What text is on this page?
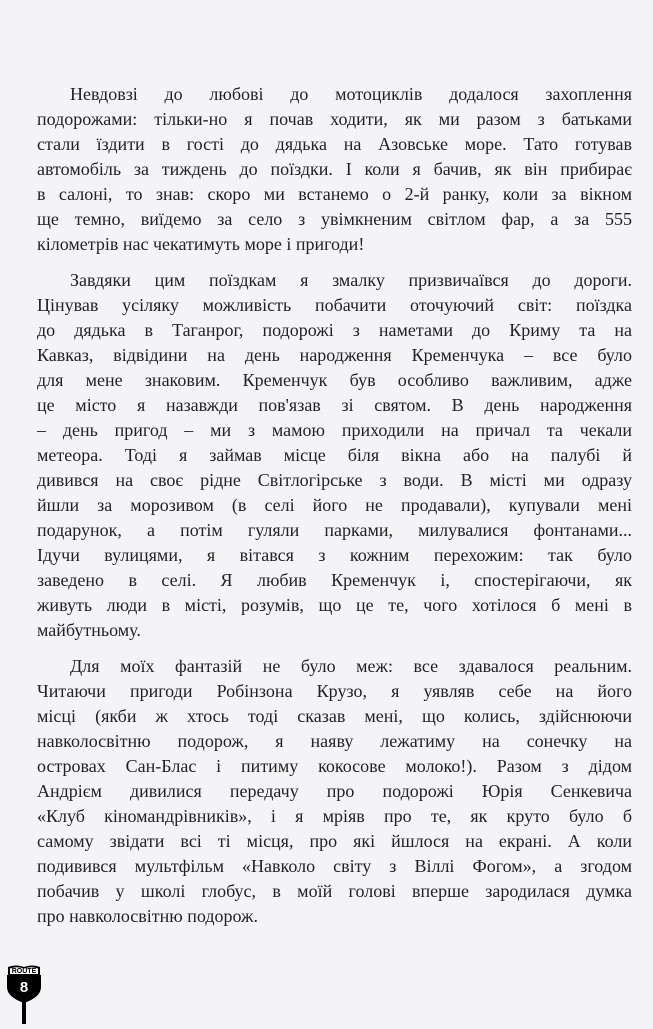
Невдовзі до любові до мотоциклів додалося захоплення
подорожами: тільки-но я почав ходити, як ми разом з батьками
стали їздити в гості до дядька на Азовське море. Тато готував
автомобіль за тиждень до поїздки. І коли я бачив, як він прибирає
в салоні, то знав: скоро ми встанемо о 2-й ранку, коли за вікном
ще темно, виїдемо за село з увімкненим світлом фар, а за 555
кілометрів нас чекатимуть море і пригоди!
Завдяки цим поїздкам я змалку призвичаївся до дороги.
Цінував усіляку можливість побачити оточуючий світ: поїздка
до дядька в Таганрог, подорожі з наметами до Криму та на
Кавказ, відвідини на день народження Кременчука – все було
для мене знаковим. Кременчук був особливо важливим, адже
це місто я назавжди пов'язав зі святом. В день народження
– день пригод – ми з мамою приходили на причал та чекали
метеора. Тоді я займав місце біля вікна або на палубі й
дивився на своє рідне Світлогірське з води. В місті ми одразу
йшли за морозивом (в селі його не продавали), купували мені
подарунок, а потім гуляли парками, милувалися фонтанами...
Ідучи вулицями, я вітався з кожним перехожим: так було
заведено в селі. Я любив Кременчук і, спостерігаючи, як
живуть люди в місті, розумів, що це те, чого хотілося б мені в
майбутньому.
Для моїх фантазій не було меж: все здавалося реальним.
Читаючи пригоди Робінзона Крузо, я уявляв себе на його
місці (якби ж хтось тоді сказав мені, що колись, здійснюючи
навколосвітню подорож, я наяву лежатиму на сонечку на
островах Сан-Блас і питиму кокосове молоко!). Разом з дідом
Андрієм дивилися передачу про подорожі Юрія Сенкевича
«Клуб кіномандрівників», і я мріяв про те, як круто було б
самому звідати всі ті місця, про які йшлося на екрані. А коли
подивився мультфільм «Навколо світу з Віллі Фогом», а згодом
побачив у школі глобус, в моїй голові вперше зародилася думка
про навколосвітню подорож.
ROUTE
8
